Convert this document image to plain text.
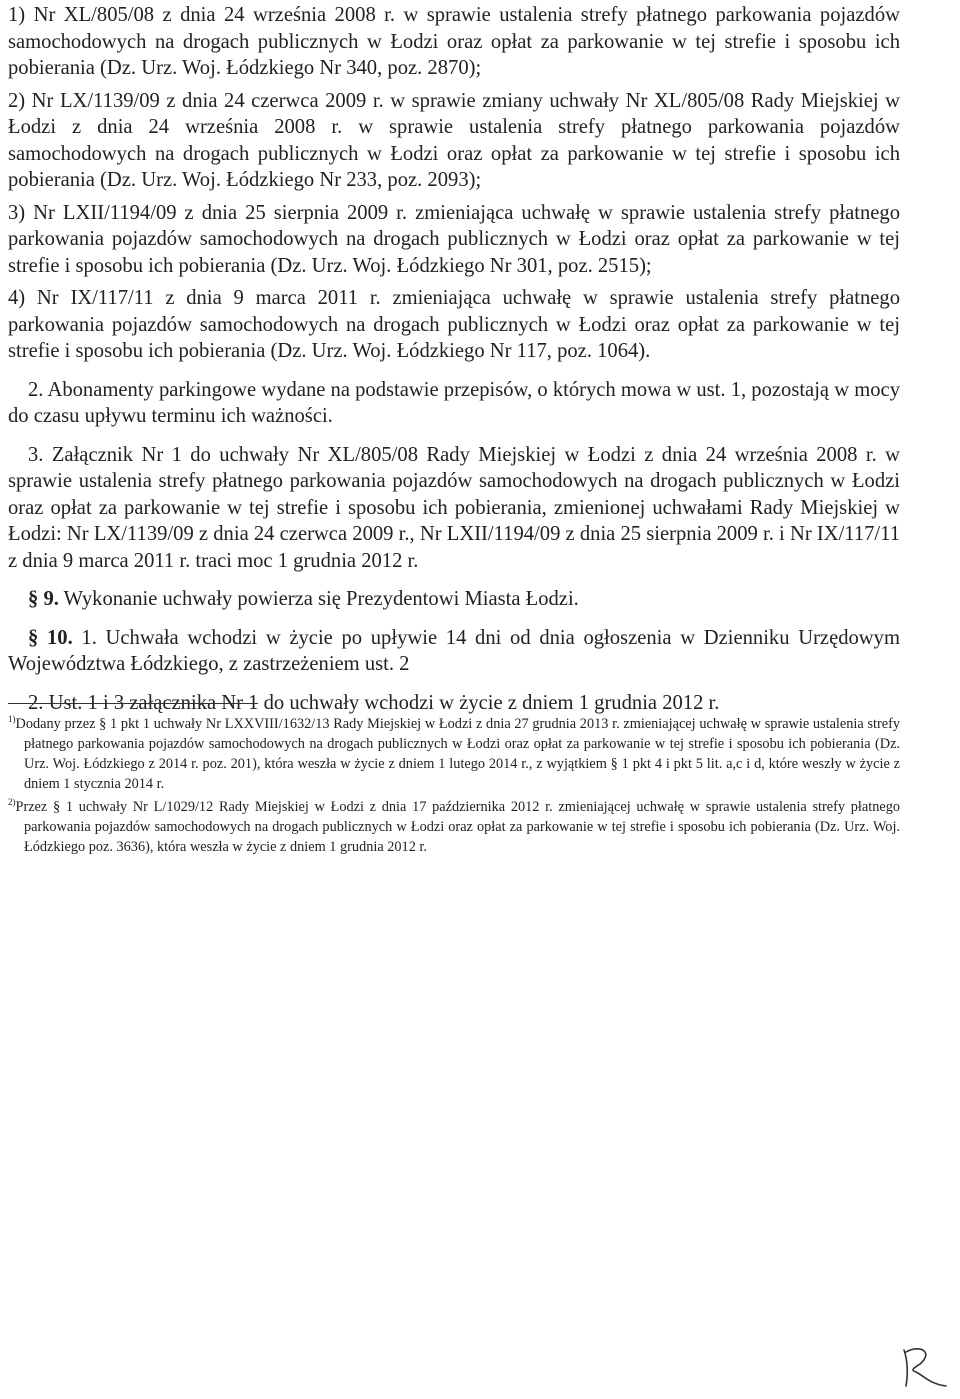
1) Nr XL/805/08 z dnia 24 września 2008 r. w sprawie ustalenia strefy płatnego parkowania pojazdów samochodowych na drogach publicznych w Łodzi oraz opłat za parkowanie w tej strefie i sposobu ich pobierania (Dz. Urz. Woj. Łódzkiego Nr 340, poz. 2870);

2) Nr LX/1139/09 z dnia 24 czerwca 2009 r. w sprawie zmiany uchwały Nr XL/805/08 Rady Miejskiej w Łodzi z dnia 24 września 2008 r. w sprawie ustalenia strefy płatnego parkowania pojazdów samochodowych na drogach publicznych w Łodzi oraz opłat za parkowanie w tej strefie i sposobu ich pobierania (Dz. Urz. Woj. Łódzkiego Nr 233, poz. 2093);

3) Nr LXII/1194/09 z dnia 25 sierpnia 2009 r. zmieniająca uchwałę w sprawie ustalenia strefy płatnego parkowania pojazdów samochodowych na drogach publicznych w Łodzi oraz opłat za parkowanie w tej strefie i sposobu ich pobierania (Dz. Urz. Woj. Łódzkiego Nr 301, poz. 2515);

4) Nr IX/117/11 z dnia 9 marca 2011 r. zmieniająca uchwałę w sprawie ustalenia strefy płatnego parkowania pojazdów samochodowych na drogach publicznych w Łodzi oraz opłat za parkowanie w tej strefie i sposobu ich pobierania (Dz. Urz. Woj. Łódzkiego Nr 117, poz. 1064).

2. Abonamenty parkingowe wydane na podstawie przepisów, o których mowa w ust. 1, pozostają w mocy do czasu upływu terminu ich ważności.

3. Załącznik Nr 1 do uchwały Nr XL/805/08 Rady Miejskiej w Łodzi z dnia 24 września 2008 r. w sprawie ustalenia strefy płatnego parkowania pojazdów samochodowych na drogach publicznych w Łodzi oraz opłat za parkowanie w tej strefie i sposobu ich pobierania, zmienionej uchwałami Rady Miejskiej w Łodzi: Nr LX/1139/09 z dnia 24 czerwca 2009 r., Nr LXII/1194/09 z dnia 25 sierpnia 2009 r. i Nr IX/117/11 z dnia 9 marca 2011 r. traci moc 1 grudnia 2012 r.

§ 9. Wykonanie uchwały powierza się Prezydentowi Miasta Łodzi.

§ 10. 1. Uchwała wchodzi w życie po upływie 14 dni od dnia ogłoszenia w Dzienniku Urzędowym Województwa Łódzkiego, z zastrzeżeniem ust. 2

2. Ust. 1 i 3 załącznika Nr 1 do uchwały wchodzi w życie z dniem 1 grudnia 2012 r.

$^{1)}$Dodany przez § 1 pkt 1 uchwały Nr LXXVIII/1632/13 Rady Miejskiej w Łodzi z dnia 27 grudnia 2013 r. zmieniającej uchwałę w sprawie ustalenia strefy płatnego parkowania pojazdów samochodowych na drogach publicznych w Łodzi oraz opłat za parkowanie w tej strefie i sposobu ich pobierania (Dz. Urz. Woj. Łódzkiego z 2014 r. poz. 201), która weszła w życie z dniem 1 lutego 2014 r., z wyjątkiem § 1 pkt 4 i pkt 5 lit. a,c i d, które weszły w życie z dniem 1 stycznia 2014 r.

$^{2)}$Przez § 1 uchwały Nr L/1029/12 Rady Miejskiej w Łodzi z dnia 17 października 2012 r. zmieniającej uchwałę w sprawie ustalenia strefy płatnego parkowania pojazdów samochodowych na drogach publicznych w Łodzi oraz opłat za parkowanie w tej strefie i sposobu ich pobierania (Dz. Urz. Woj. Łódzkiego poz. 3636), która weszła w życie z dniem 1 grudnia 2012 r.
